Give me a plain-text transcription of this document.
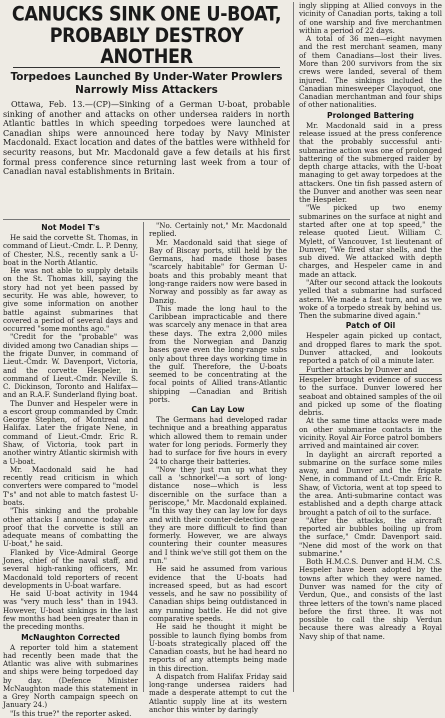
CANUCKS SINK ONE U-BOAT, PROBABLY DESTROY ANOTHER
Torpedoes Launched By Under-Water Prowlers Narrowly Miss Attackers

Ottawa, Feb. 13.—(CP)—Sinking of a German U-boat, probable sinking of another and attacks on other undersea raiders in north Atlantic battles in which speeding torpedoes were launched at Canadian ships were announced here today by Navy Minister Macdonald. Exact location and dates of the battles were withheld for security reasons, but Mr. Macdonald gave a few details at his first formal press conference since returning last week from a tour of Canadian naval establishments in Britain.

Not Model T's

He said the corvette St. Thomas, in command of Lieut.-Cmdr. L. P. Denny, of Chester, N.S., recently sank a U-boat in the North Atlantic.

He was not able to supply details on the St. Thomas kill, saying the story had not yet been passed by security. He was able, however, to give some information on another battle against submarines that covered a period of several days and occurred "some months ago."

"Credit for the "probable" was divided among two Canadian ships —the frigate Dunver, in command of Lieut.-Cmdr. W. Davenport, Victoria, and the corvette Hespeler, in command of Lieut.-Cmdr. Neville S. C. Dickinson, Toronto and Halifax—and an R.A.F. Sunderland flying boat.

The Dunver and Hespeler were in a escort group commanded by Cmdr. George Stephen, of Montreal and Halifax. Later the frigate Nene, in command of Lieut.-Cmdr. Eric R. Shaw, of Victoria, took part in another wintry Atlantic skirmish with a U-boat.

Mr. Macdonald said he had recently read criticism in which converters were compared to "model T's" and not able to match fastest U-boats.

"This sinking and the probable other attacks I announce today are proof that the corvette is still an adequate means of combatting the U-boat," he said.

Flanked by Vice-Admiral George Jones, chief of the naval staff, and several high-ranking officers, Mr. Macdonald told reporters of recent developments in U-boat warfare.

He said U-boat activity in 1944 was "very much less" than in 1943. However, U-boat sinkings in the last few months had been greater than in the preceding months.

McNaughton Corrected

A reporter told him a statement had recently been made that the Atlantic was alive with submarines and ships were being torpedoed day by day. (Defence Minister McNaughton made this statement in a Grey North campaign speech on January 24.)

"Is this true?" the reporter asked.

"No. Certainly not," Mr. Macdonald replied.

Mr. Macdonald said that siege of Bay of Biscay ports, still held by the Germans, had made those bases "scarcely habitable" for German U-boats and this probably meant that long-range raiders now were based in Norway and possibly as far away as Danzig.

This made the long haul to the Caribbean impracticable and there was scarcely any menace in that area these days. The extra 2,000 miles from the Norwegian and Danzig bases gave even the long-range subs only about three days working time in the gulf. Therefore, the U-boats seemed to be concentrating at the focal points of Allied trans-Atlantic shipping —Canadian and British ports.

Can Lay Low

The Germans had developed radar technique and a breathing apparatus which allowed them to remain under water for long periods. Formerly they had to surface for five hours in every 24 to charge their batteries.

"Now they just run up what they call a 'schnorkel'—a sort of long-distance nose—which is less discernible on the surface than a periscope," Mr. Macdonald explained. "In this way they can lay low for days and with their counter-detection gear they are more difficult to find than formerly. However, we are always countering their counter measures and I think we've still got them on the run."

He said he assumed from various evidence that the U-boats had increased speed, but as had escort vessels, and he saw no possibility of Canadian ships being outdistanced in any running battle. He did not give comparative speeds.

He said he thought it might be possible to launch flying bombs from U-boats strategically placed off the Canadian coasts, but he had heard no reports of any attempts being made in this direction.

A dispatch from Halifax Friday said long-range undersea raiders had made a desperate attempt to cut the Atlantic supply line at its western anchor this winter by daringly

ingly slipping at Allied convoys in the vicinity of Canadian ports, taking a toll of one warship and five merchantmen within a period of 22 days.

A total of 36 men—eight navymen and the rest merchant seamen, many of them Canadians—lost their lives. More than 200 survivors from the six crews were landed, several of them injured. The sinkings included the Canadian minesweeper Clayoquot, one Canadian merchantman and four ships of other nationalities.

Prolonged Battering

Mr. Macdonald said in a press release issued at the press conference that the probably successful anti-submarine action was one of prolonged battering of the submerged raider by depth charge attacks, with the U-boat managing to get away torpedoes at the attackers. One tin fish passed astern of the Dunver and another was seen near the Hespeler.

"We picked up two enemy submarines on the surface at night and started after one at top speed," the release quoted Lieut. William C. Mylett, of Vancouver, 1st lieutenant of Dunver, "We fired star shells, and the sub dived. We attacked with depth charges, and Hespeler came in and made an attack.

"After our second attack the lookouts yelled that a submarine had surfaced astern. We made a fast turn, and as we woke of a torpedo streak by behind us. Then the submarine dived again."

Patch of Oil

Hespeler again picked up contact, and dropped flares to mark the spot. Dunver attacked, and lookouts reported a patch of oil a minute later.

Further attacks by Dunver and

Hespeler brought evidence of success to the surface. Dunver lowered her seaboat and obtained samples of the oil and picked up some of the floating debris.

At the same time attacks were made on other submarine contacts in the vicinity. Royal Air Force patrol bombers arrived and maintained air cover.

In daylight an aircraft reported a submarine on the surface some miles away, and Dunver and the frigate Nene, in command of Lt.-Cmdr. Eric R. Shaw, of Victoria, went at top speed to the area. Anti-submarine contact was established and a depth charge attack brought a patch of oil to the surface.

"After the attacks, the aircraft reported air bubbles boiling up from the surface," Cmdr. Davenport said. "Nene did most of the work on that submarine."

Both H.M.C.S. Dunver and H.M. C.S. Hespeler have been adopted by the towns after which they were named. Dunver was named for the city of Verdun, Que., and consists of the last three letters of the town's name placed before the first three. It was not possible to call the ship Verdun because there was already a Royal Navy ship of that name.
